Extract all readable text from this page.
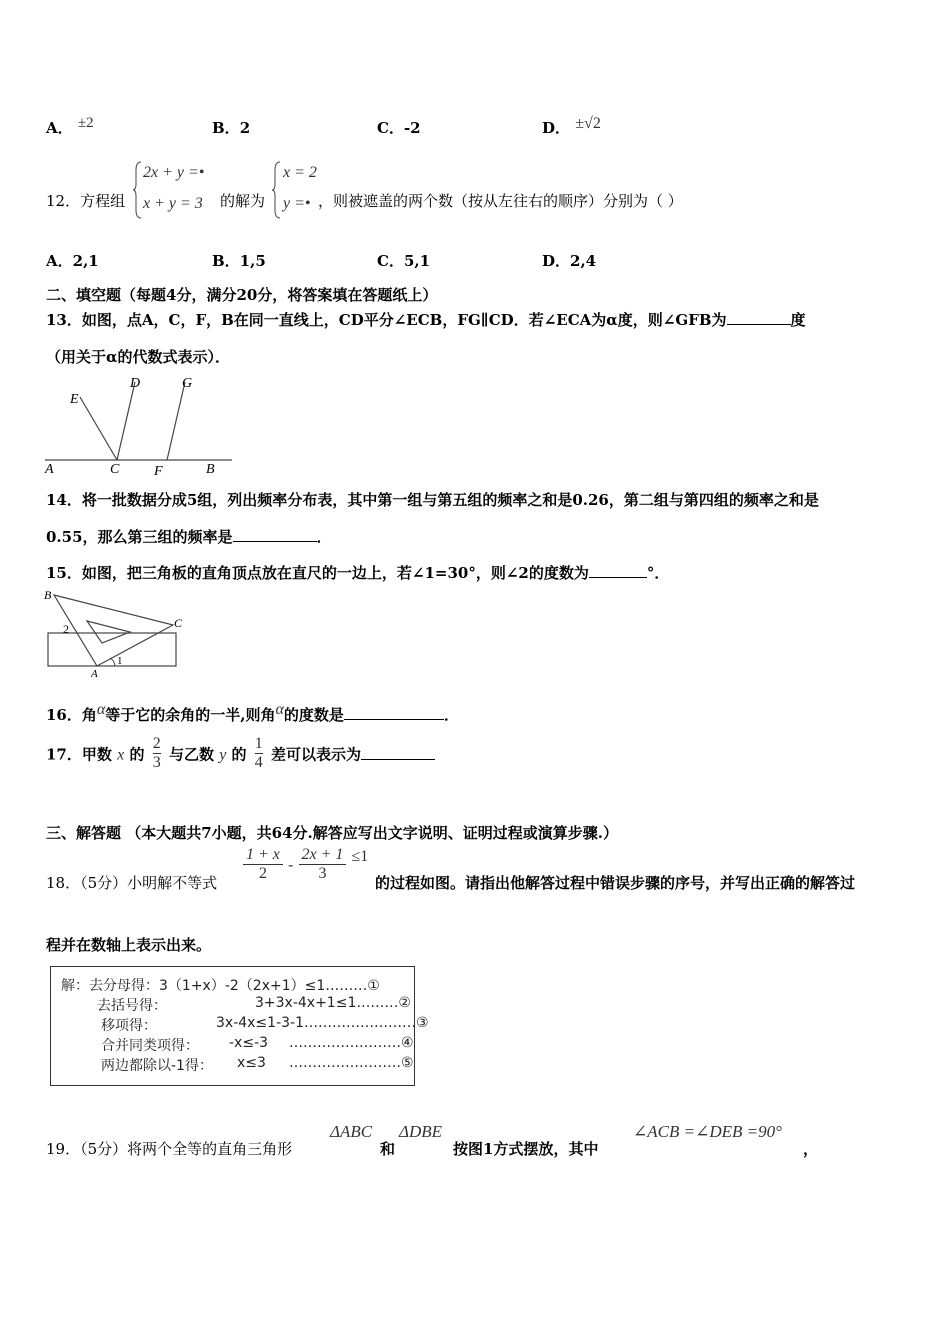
A． ±2	B．2	C．-2	D． ±√2
12．方程组
2x + y =•
x + y = 3 的解为
x = 2
y =• ，则被遮盖的两个数（按从左往右的顺序）分别为（ ）
A．2,1	B．1,5	C．5,1	D．2,4
二、填空题（每题4分，满分20分，将答案填在答题纸上）
13．如图，点A，C，F，B在同一直线上，CD平分∠ECB，FG∥CD．若∠ECA为α度，则∠GFB为	度
（用关于α的代数式表示）．
A	C F	B
E
D	G
14．将一批数据分成5组，列出频率分布表，其中第一组与第五组的频率之和是0.26，第二组与第四组的频率之和是
0.55，那么第三组的频率是	．
15．如图，把三角板的直角顶点放在直尺的一边上，若∠1=30°，则∠2的度数为	°．
B
C
2
1
A
16．角α等于它的余角的一半,则角α的度数是	．
17．甲数 x 的 $\frac{2}{3}$ 与乙数 y 的 $\frac{1}{4}$ 差可以表示为
三、解答题 （本大题共7小题，共64分.解答应写出文字说明、证明过程或演算步骤.）
18．（5分）小明解不等式 $\frac{1 + x}{2} - \frac{2x + 1}{3} \le 1$
的过程如图。请指出他解答过程中错误步骤的序号，并写出正确的解答过
程并在数轴上表示出来。
解：去分母得：3（1+x）-2（2x+1）≤1………①
去括号得：	3+3x-4x+1≤1………②
移项得：	3x-4x≤1-3-1……………………③
合并同类项得： -x≤-3 ……………………④
两边都除以-1得： x≤3 ……………………⑤
19．（5分）将两个全等的直角三角形
ΔABC
和
ΔDBE
按图1方式摆放，其中
∠ACB =∠DEB =90°
，
